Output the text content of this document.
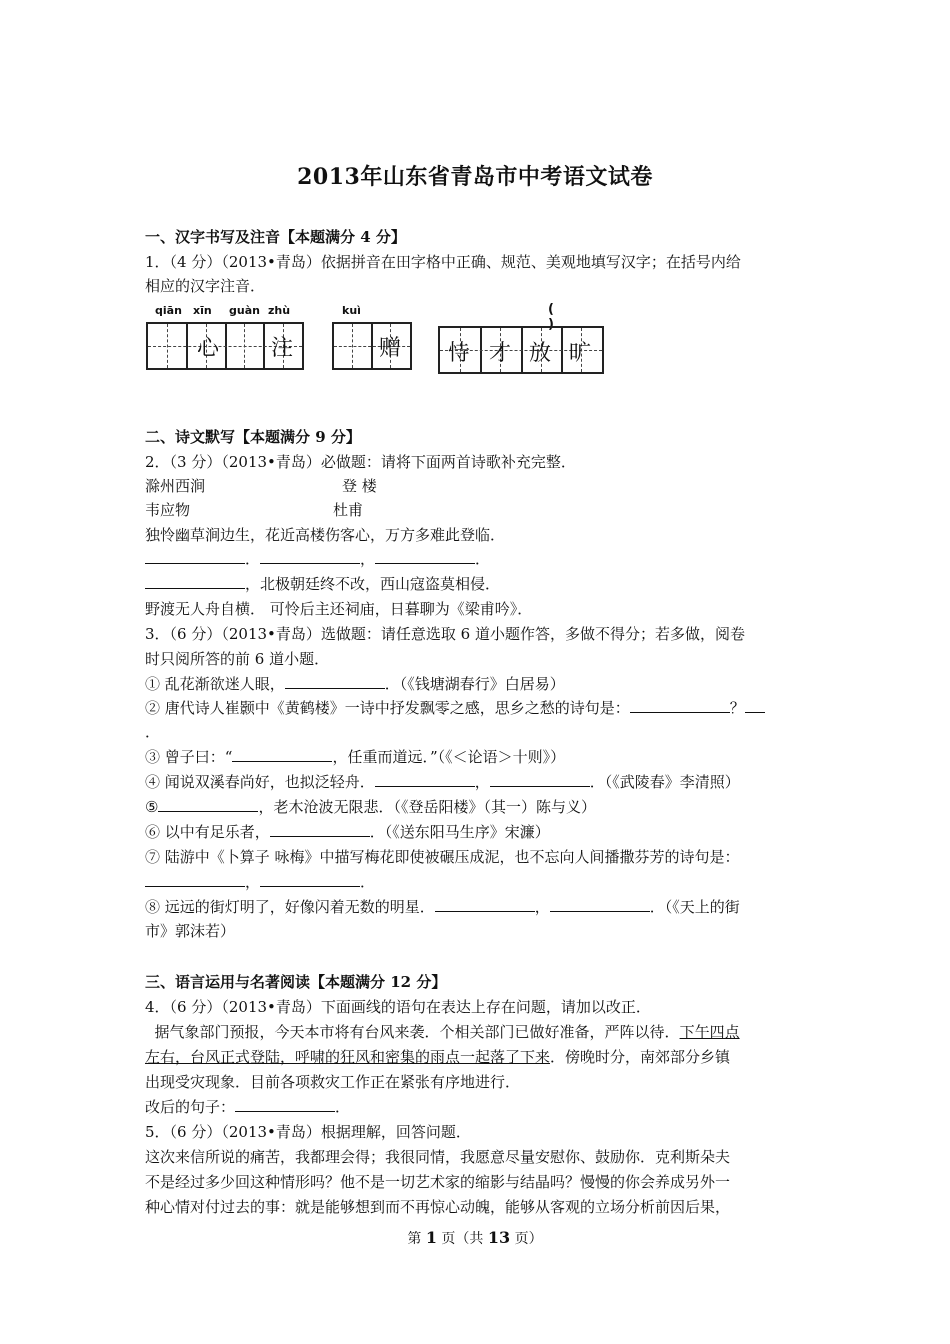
2013年山东省青岛市中考语文试卷
一、汉字书写及注音【本题满分 4 分】
1．（4 分）（2013•青岛）依据拼音在田字格中正确、规范、美观地填写汉字；在括号内给
相应的汉字注音．
qiān xīn guàn zhù
心 注
kuì
赠
( )
恃 才 放 旷
二、诗文默写【本题满分 9 分】
2．（3 分）（2013•青岛）必做题：请将下面两首诗歌补充完整．
滁州西涧	登 楼
韦应物	杜甫
独怜幽草涧边生，花近高楼伤客心，万方多难此登临．
．	，	．
，北极朝廷终不改，西山寇盗莫相侵．
野渡无人舟自横． 可怜后主还祠庙，日暮聊为《梁甫吟》．
3．（6 分）（2013•青岛）选做题：请任意选取 6 道小题作答，多做不得分；若多做，阅卷
时只阅所答的前 6 道小题．
① 乱花渐欲迷人眼，	．（《钱塘湖春行》白居易）
② 唐代诗人崔颢中《黄鹤楼》一诗中抒发飘零之感，思乡之愁的诗句是：	？
．
③ 曾子曰：“	，任重而道远．”（《＜论语＞十则》）
④ 闻说双溪春尚好，也拟泛轻舟．	，	．（《武陵春》李清照）
⑤	，老木沧波无限悲．（《登岳阳楼》（其一）陈与义）
⑥ 以中有足乐者，	．（《送东阳马生序》宋濂）
⑦ 陆游中《卜算子 咏梅》中描写梅花即使被碾压成泥，也不忘向人间播撒芬芳的诗句是：
，	．
⑧ 远远的街灯明了，好像闪着无数的明星．	，	．（《天上的街
市》郭沫若）
三、语言运用与名著阅读【本题满分 12 分】
4．（6 分）（2013•青岛）下面画线的语句在表达上存在问题，请加以改正．
据气象部门预报，今天本市将有台风来袭．个相关部门已做好准备，严阵以待．下午四点
左右，台风正式登陆，呼啸的狂风和密集的雨点一起落了下来．傍晚时分，南郊部分乡镇
出现受灾现象．目前各项救灾工作正在紧张有序地进行．
改后的句子：	．
5．（6 分）（2013•青岛）根据理解，回答问题．
这次来信所说的痛苦，我都理会得；我很同情，我愿意尽量安慰你、鼓励你．克利斯朵夫
不是经过多少回这种情形吗？他不是一切艺术家的缩影与结晶吗？慢慢的你会养成另外一
种心情对付过去的事：就是能够想到而不再惊心动魄，能够从客观的立场分析前因后果，
第 1 页（共 13 页）
